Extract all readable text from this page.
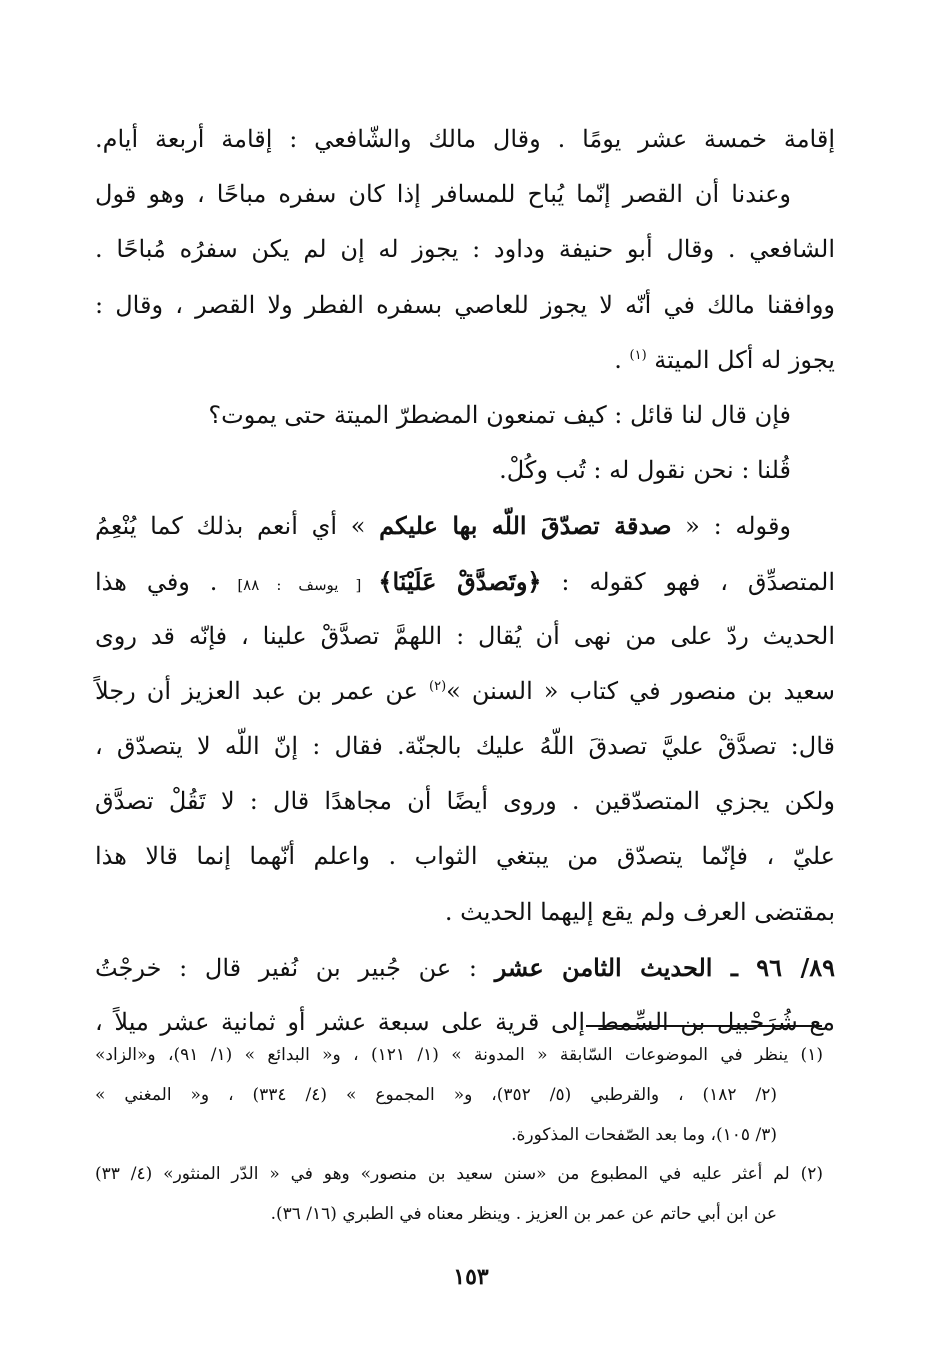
إقامة خمسة عشر يومًا . وقال مالك والشّافعي : إقامة أربعة أيام.
وعندنا أن القصر إنّما يُباح للمسافر إذا كان سفره مباحًا ، وهو قول
الشافعي . وقال أبو حنيفة وداود : يجوز له إن لم يكن سفرُه مُباحًا .
ووافقنا مالك في أنّه لا يجوز للعاصي بسفره الفطر ولا القصر ، وقال :
يجوز له أكل الميتة $^{(١)}$ .
فإن قال لنا قائل : كيف تمنعون المضطرّ الميتة حتى يموت؟
قُلنا : نحن نقول له : تُب وكُلْ.
وقوله : « صدقة تصدّقَ اللّه بها عليكم » أي أنعم بذلك كما يُنْعِمُ
المتصدِّق ، فهو كقوله : ﴿وتَصدَّقْ عَلَيْنَا﴾ [ يوسف : ٨٨] . وفي هذا
الحديث ردّ على من نهى أن يُقال : اللهمَّ تصدَّقْ علينا ، فإنّه قد روى
سعيد بن منصور في كتاب « السنن »$^{(٢)}$ عن عمر بن عبد العزيز أن رجلاً
قال: تصدَّقْ عليَّ تصدقَ اللّهُ عليك بالجنّة. فقال : إنّ اللّه لا يتصدّق ،
ولكن يجزي المتصدّقين . وروى أيضًا أن مجاهدًا قال : لا تَقُلْ تصدَّق
عليّ ، فإنّما يتصدّق من يبتغي الثواب . واعلم أنّهما إنما قالا هذا
بمقتضى العرف ولم يقع إليهما الحديث .
٨٩/ ٩٦ ـ الحديث الثامن عشر : عن جُبير بن نُفير قال : خرجْتُ
مع شُرَحْبيل بن السِّمط إلى قرية على سبعة عشر أو ثمانية عشر ميلاً ،
(١) ينظر في الموضوعات السّابقة « المدونة » (١/ ١٢١) ، و« البدائع » (١/ ٩١)، و«الزاد»
(٢/ ١٨٢) ، والقرطبي (٥/ ٣٥٢)، و« المجموع » (٤/ ٣٣٤) ، و« المغني »
(٣/ ١٠٥)، وما بعد الصّفحات المذكورة.
(٢) لم أعثر عليه في المطبوع من «سنن سعيد بن منصور» وهو في « الدّر المنثور» (٤/ ٣٣)
عن ابن أبي حاتم عن عمر بن العزيز . وينظر معناه في الطبري (١٦/ ٣٦).
١٥٣
